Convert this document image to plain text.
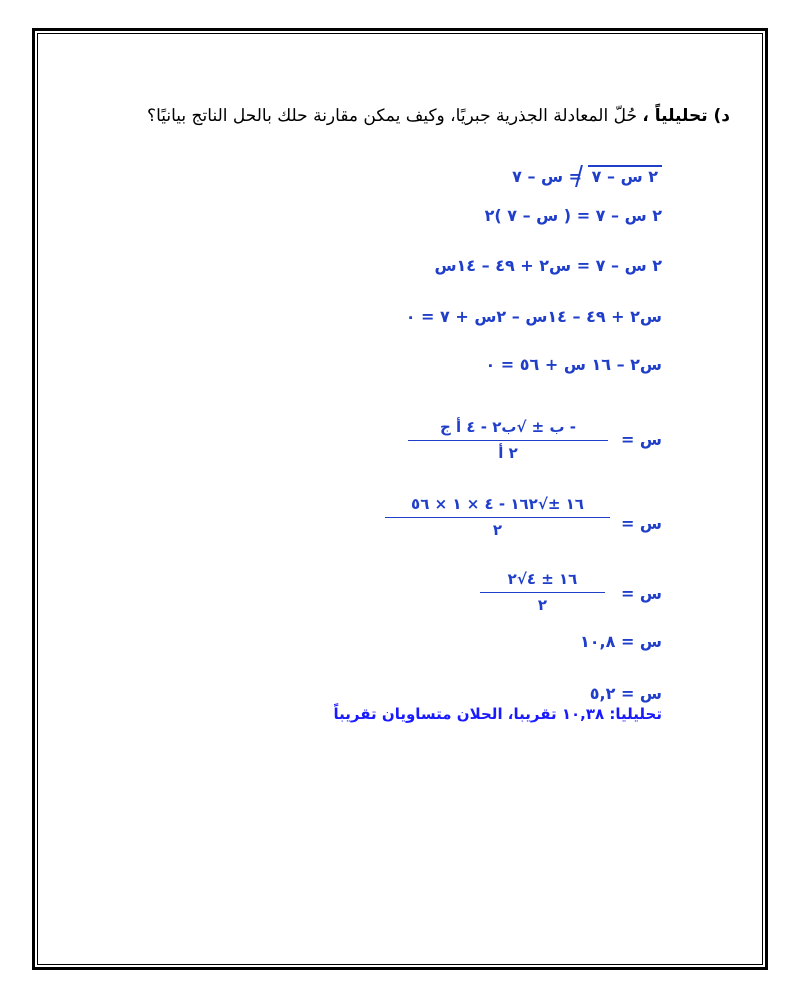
د) تحليلياً ، حُلّ المعادلة الجذرية جبريًا، وكيف يمكن مقارنة حلك بالحل الناتج بيانيًا؟
٢ س – ٧ = س – ٧
٢ س – ٧ = ( س – ٧ )٢
٢ س – ٧ = س٢ + ٤٩ – ١٤س
س٢ + ٤٩ – ١٤س – ٢س + ٧ = ٠
س٢ – ١٦ س + ٥٦ = ٠
س =
- ب ± √ب٢ - ٤ أ ج
٢ أ
س =
١٦ ±√١٦٢ - ٤ × ١ × ٥٦
٢
س =
١٦ ± ٤√٢
٢
س = ١٠,٨
س = ٥,٢
تحليليا: ١٠,٣٨ تقريبا، الحلان متساويان تقريباً
